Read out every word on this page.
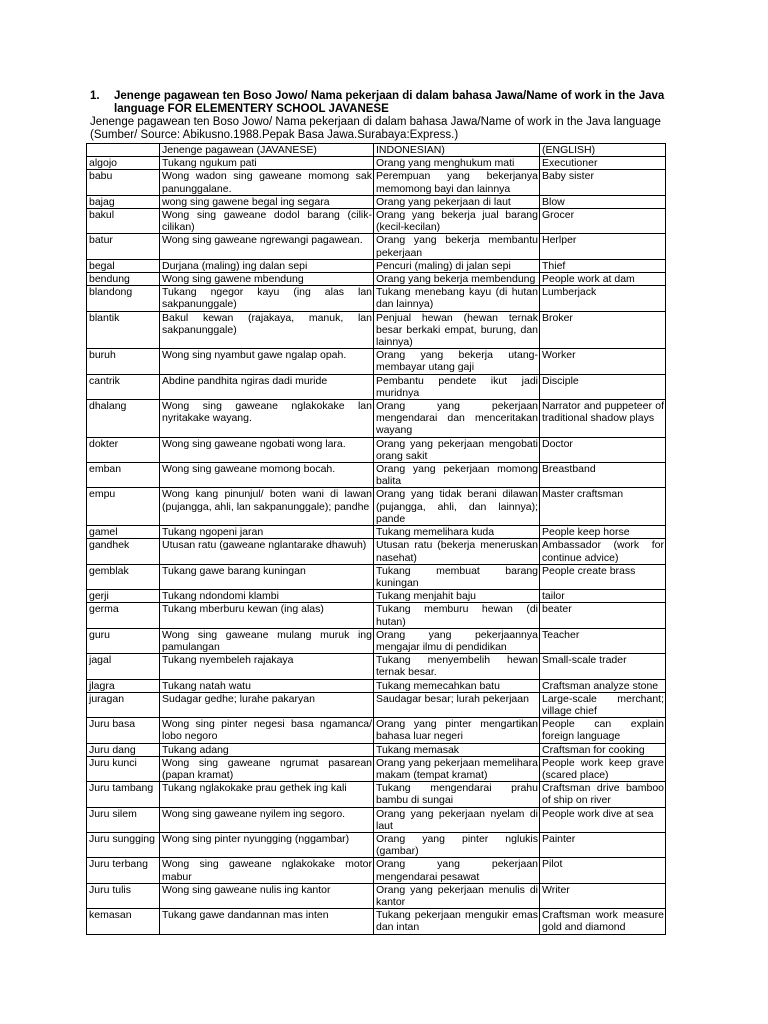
1.	Jenenge pagawean ten Boso Jowo/ Nama pekerjaan di dalam bahasa Jawa/Name of work in the Java
language FOR ELEMENTERY SCHOOL JAVANESE
Jenenge pagawean ten Boso Jowo/ Nama pekerjaan di dalam bahasa Jawa/Name of work in the Java language
(Sumber/ Source: Abikusno.1988.Pepak Basa Jawa.Surabaya:Express.)
	Jenenge pagawean (JAVANESE)	INDONESIAN)	(ENGLISH)
algojo	Tukang ngukum pati	Orang yang menghukum mati	Executioner
babu	Wong wadon sing gaweane momong sak panunggalane.	Perempuan yang bekerjanya memomong bayi dan lainnya	Baby sister
bajag	wong sing gawene begal ing segara	Orang yang pekerjaan di laut	Blow
bakul	Wong sing gaweane dodol barang (cilik-cilikan)	Orang yang bekerja jual barang (kecil-kecilan)	Grocer
batur	Wong sing gaweane ngrewangi pagawean.	Orang yang bekerja membantu pekerjaan	Herlper
begal	Durjana (maling) ing dalan sepi	Pencuri (maling) di jalan sepi	Thief
bendung	Wong sing gawene mbendung	Orang yang bekerja membendung	People work at dam
blandong	Tukang ngegor kayu (ing alas lan sakpanunggale)	Tukang menebang kayu (di hutan dan lainnya)	Lumberjack
blantik	Bakul kewan (rajakaya, manuk, lan sakpanunggale)	Penjual hewan (hewan ternak besar berkaki empat, burung, dan lainnya)	Broker
buruh	Wong sing nyambut gawe ngalap opah.	Orang yang bekerja utang-membayar utang gaji	Worker
cantrik	Abdine pandhita ngiras dadi muride	Pembantu pendete ikut jadi muridnya	Disciple
dhalang	Wong sing gaweane nglakokake lan nyritakake wayang.	Orang yang pekerjaan mengendarai dan menceritakan wayang	Narrator and puppeteer of traditional shadow plays
dokter	Wong sing gaweane ngobati wong lara.	Orang yang pekerjaan mengobati orang sakit	Doctor
emban	Wong sing gaweane momong bocah.	Orang yang pekerjaan momong balita	Breastband
empu	Wong kang pinunjul/ boten wani di lawan (pujangga, ahli, lan sakpanunggale); pandhe	Orang yang tidak berani dilawan (pujangga, ahli, dan lainnya); pande	Master craftsman
gamel	Tukang ngopeni jaran	Tukang memelihara kuda	People keep horse
gandhek	Utusan ratu (gaweane nglantarake dhawuh)	Utusan ratu (bekerja meneruskan nasehat)	Ambassador (work for continue advice)
gemblak	Tukang gawe barang kuningan	Tukang membuat barang kuningan	People create brass
gerji	Tukang ndondomi klambi	Tukang menjahit baju	tailor
germa	Tukang mberburu kewan (ing alas)	Tukang memburu hewan (di hutan)	beater
guru	Wong sing gaweane mulang muruk ing pamulangan	Orang yang pekerjaannya mengajar ilmu di pendidikan	Teacher
jagal	Tukang nyembeleh rajakaya	Tukang menyembelih hewan ternak besar.	Small-scale trader
jlagra	Tukang natah watu	Tukang memecahkan batu	Craftsman analyze stone
juragan	Sudagar gedhe; lurahe pakaryan	Saudagar besar; lurah pekerjaan	Large-scale merchant; village chief
Juru basa	Wong sing pinter negesi basa ngamanca/ lobo negoro	Orang yang pinter mengartikan bahasa luar negeri	People can explain foreign language
Juru dang	Tukang adang	Tukang memasak	Craftsman for cooking
Juru kunci	Wong sing gaweane ngrumat pasarean (papan kramat)	Orang yang pekerjaan memelihara makam (tempat kramat)	People work keep grave (scared place)
Juru tambang	Tukang nglakokake prau gethek ing kali	Tukang mengendarai prahu bambu di sungai	Craftsman drive bamboo of ship on river
Juru silem	Wong sing gaweane nyilem ing segoro.	Orang yang pekerjaan nyelam di laut	People work dive at sea
Juru sungging	Wong sing pinter nyungging (nggambar)	Orang yang pinter nglukis (gambar)	Painter
Juru terbang	Wong sing gaweane nglakokake motor mabur	Orang yang pekerjaan mengendarai pesawat	Pilot
Juru tulis	Wong sing gaweane nulis ing kantor	Orang yang pekerjaan menulis di kantor	Writer
kemasan	Tukang gawe dandannan mas inten	Tukang pekerjaan mengukir emas dan intan	Craftsman work measure gold and diamond
